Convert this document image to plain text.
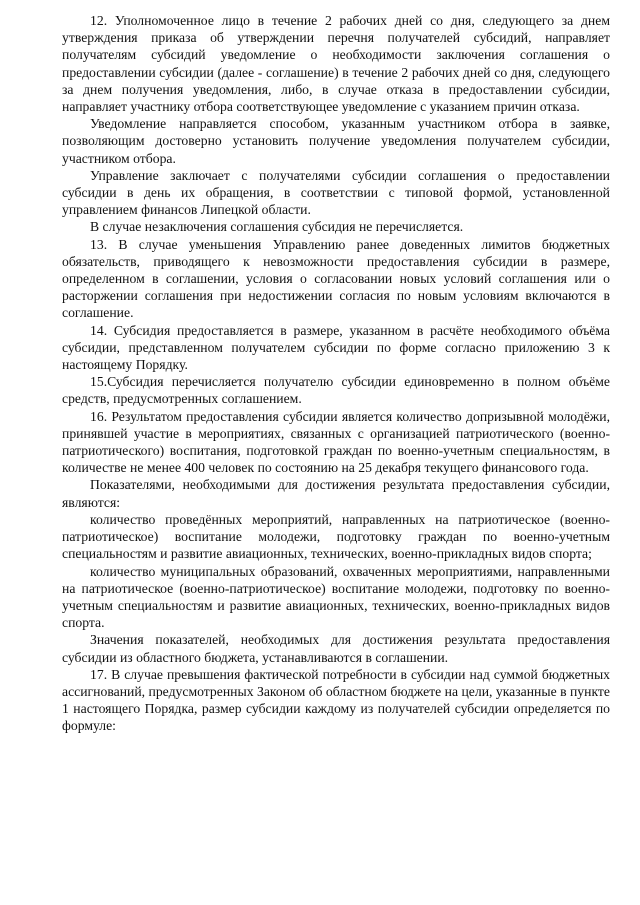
12. Уполномоченное лицо в течение 2 рабочих дней со дня, следующего за днем утверждения приказа об утверждении перечня получателей субсидий, направляет получателям субсидий уведомление о необходимости заключения соглашения о предоставлении субсидии (далее - соглашение) в течение 2 рабочих дней со дня, следующего за днем получения уведомления, либо, в случае отказа в предоставлении субсидии, направляет участнику отбора соответствующее уведомление с указанием причин отказа.

Уведомление направляется способом, указанным участником отбора в заявке, позволяющим достоверно установить получение уведомления получателем субсидии, участником отбора.

Управление заключает с получателями субсидии соглашения о предоставлении субсидии в день их обращения, в соответствии с типовой формой, установленной управлением финансов Липецкой области.

В случае незаключения соглашения субсидия не перечисляется.

13. В случае уменьшения Управлению ранее доведенных лимитов бюджетных обязательств, приводящего к невозможности предоставления субсидии в размере, определенном в соглашении, условия о согласовании новых условий соглашения или о расторжении соглашения при недостижении согласия по новым условиям включаются в соглашение.

14. Субсидия предоставляется в размере, указанном в расчёте необходимого объёма субсидии, представленном получателем субсидии по форме согласно приложению 3 к настоящему Порядку.

15.Субсидия перечисляется получателю субсидии единовременно в полном объёме средств, предусмотренных соглашением.

16. Результатом предоставления субсидии является количество допризывной молодёжи, принявшей участие в мероприятиях, связанных с организацией патриотического (военно-патриотического) воспитания, подготовкой граждан по военно-учетным специальностям, в количестве не менее 400 человек по состоянию на 25 декабря текущего финансового года.

Показателями, необходимыми для достижения результата предоставления субсидии, являются:

количество проведённых мероприятий, направленных на патриотическое (военно-патриотическое) воспитание молодежи, подготовку граждан по военно-учетным специальностям и развитие авиационных, технических, военно-прикладных видов спорта;

количество муниципальных образований, охваченных мероприятиями, направленными на патриотическое (военно-патриотическое) воспитание молодежи, подготовку по военно-учетным специальностям и развитие авиационных, технических, военно-прикладных видов спорта.

Значения показателей, необходимых для достижения результата предоставления субсидии из областного бюджета, устанавливаются в соглашении.

17. В случае превышения фактической потребности в субсидии над суммой бюджетных ассигнований, предусмотренных Законом об областном бюджете на цели, указанные в пункте 1 настоящего Порядка, размер субсидии каждому из получателей субсидии определяется по формуле:
